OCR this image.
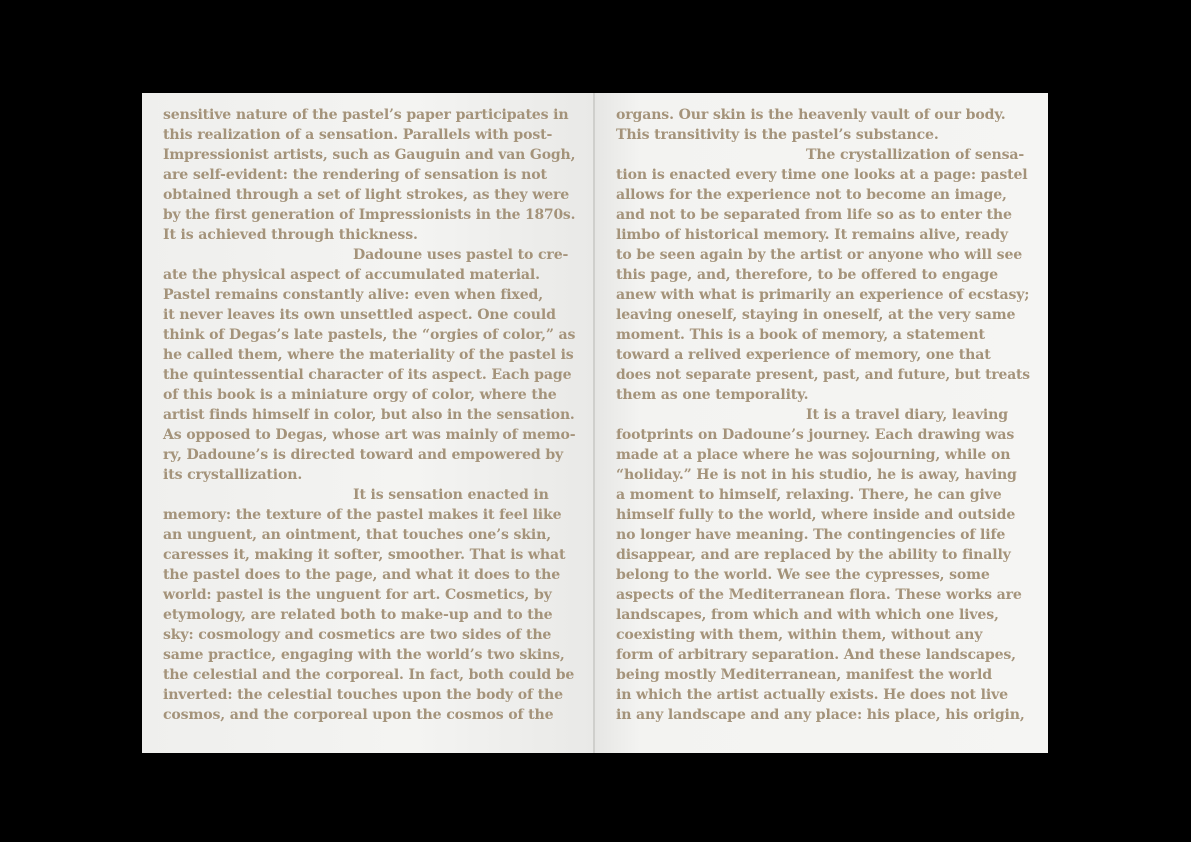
sensitive nature of the pastel’s paper participates in
this realization of a sensation. Parallels with post-
Impressionist artists, such as Gauguin and van Gogh,
are self-evident: the rendering of sensation is not
obtained through a set of light strokes, as they were
by the first generation of Impressionists in the 1870s.
It is achieved through thickness.
Dadoune uses pastel to cre-
ate the physical aspect of accumulated material.
Pastel remains constantly alive: even when fixed,
it never leaves its own unsettled aspect. One could
think of Degas’s late pastels, the “orgies of color,” as
he called them, where the materiality of the pastel is
the quintessential character of its aspect. Each page
of this book is a miniature orgy of color, where the
artist finds himself in color, but also in the sensation.
As opposed to Degas, whose art was mainly of memo-
ry, Dadoune’s is directed toward and empowered by
its crystallization.
It is sensation enacted in
memory: the texture of the pastel makes it feel like
an unguent, an ointment, that touches one’s skin,
caresses it, making it softer, smoother. That is what
the pastel does to the page, and what it does to the
world: pastel is the unguent for art. Cosmetics, by
etymology, are related both to make-up and to the
sky: cosmology and cosmetics are two sides of the
same practice, engaging with the world’s two skins,
the celestial and the corporeal. In fact, both could be
inverted: the celestial touches upon the body of the
cosmos, and the corporeal upon the cosmos of the
organs. Our skin is the heavenly vault of our body.
This transitivity is the pastel’s substance.
The crystallization of sensa-
tion is enacted every time one looks at a page: pastel
allows for the experience not to become an image,
and not to be separated from life so as to enter the
limbo of historical memory. It remains alive, ready
to be seen again by the artist or anyone who will see
this page, and, therefore, to be offered to engage
anew with what is primarily an experience of ecstasy;
leaving oneself, staying in oneself, at the very same
moment. This is a book of memory, a statement
toward a relived experience of memory, one that
does not separate present, past, and future, but treats
them as one temporality.
It is a travel diary, leaving
footprints on Dadoune’s journey. Each drawing was
made at a place where he was sojourning, while on
“holiday.” He is not in his studio, he is away, having
a moment to himself, relaxing. There, he can give
himself fully to the world, where inside and outside
no longer have meaning. The contingencies of life
disappear, and are replaced by the ability to finally
belong to the world. We see the cypresses, some
aspects of the Mediterranean flora. These works are
landscapes, from which and with which one lives,
coexisting with them, within them, without any
form of arbitrary separation. And these landscapes,
being mostly Mediterranean, manifest the world
in which the artist actually exists. He does not live
in any landscape and any place: his place, his origin,
